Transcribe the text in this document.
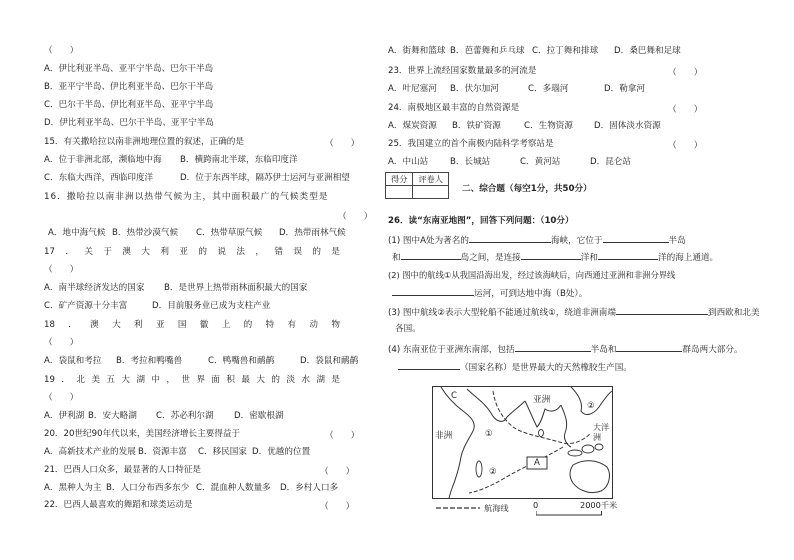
（　　）
A．伊比利亚半岛、亚平宁半岛、巴尔干半岛
B．亚平宁半岛、伊比利亚半岛、巴尔干半岛
C．巴尔干半岛、伊比利亚半岛、亚平宁半岛
D．伊比利亚半岛、巴尔干半岛、亚平宁半岛
15．有关撒哈拉以南非洲地理位置的叙述，正确的是	（　　）
A．位于非洲北部，濒临地中海 B．横跨南北半球，东临印度洋
C．东临大西洋，西临印度洋	D．位于东西半球，隔苏伊士运河与亚洲相望
16．撒哈拉以南非洲以热带气候为主，其中面积最广的气候类型是
（　　）
A．地中海气候 B．热带沙漠气候 C．热带草原气候 D．热带雨林气候
17 ． 关 于 澳 大 利 亚 的 说 法 ， 错 误 的 是
（　　）
A．南半球经济发达的国家 B．是世界上热带雨林面积最大的国家
C．矿产资源十分丰富	D．目前服务业已成为支柱产业
18 ． 澳 大 利 亚 国 徽 上 的 特 有 动 物
（　　）
A．袋鼠和考拉 B．考拉和鸭嘴兽	C．鸭嘴兽和鸸鹋	D．袋鼠和鸸鹋
19 ． 北 美 五 大 湖 中 ， 世 界 面 积 最 大 的 淡 水 湖 是
（　　）
A．伊利湖 B．安大略湖 C．苏必利尔湖 D．密歇根湖
20．20世纪90年代以来，美国经济增长主要得益于	（　　）
A．高新技术产业的发展 B．资源丰富 C．移民国家 D．优越的位置
21．巴西人口众多，最显著的人口特征是	（　　）
A．黑种人为主 B．人口分布西多东少 C．混血种人数量多 D．乡村人口多
22．巴西人最喜欢的舞蹈和球类运动是	（　　）
A．街舞和篮球 B．芭蕾舞和乒乓球 C．拉丁舞和排球 D．桑巴舞和足球
23．世界上流经国家数量最多的河流是	（　　）
A．叶尼塞河 B．伏尔加河	C．多瑙河	D．勒拿河
24．南极地区最丰富的自然资源是	（　　）
A．煤炭资源 B．铁矿资源	C．生物资源 D．固体淡水资源
25．我国建立的首个南极内陆科学考察站是	（　　）
A．中山站	B．长城站	C．黄河站	D．昆仑站
得分	评卷人

二、综合题（每空1分，共50分）
26．读“东南亚地图”，回答下列问题：（10分）
(1) 图中A处为著名的	海峡，它位于	半岛
和	岛之间，是连接	洋和	洋的海上通道。
(2) 图中的航线①从我国沿海出发，经过该海峡后，向西通过亚洲和非洲分界线
运河，可到达地中海（B处）。
(3) 图中航线②表示大型轮船不能通过航线①，绕道非洲南端	到西欧和北美
各国。
(4) 东南亚位于亚洲东南部，包括	半岛和	群岛两大部分。
（国家名称）是世界最大的天然橡胶生产国。
C	亚洲
②
非洲	①
大洋洲
A
②
航海线	0	2000千米
